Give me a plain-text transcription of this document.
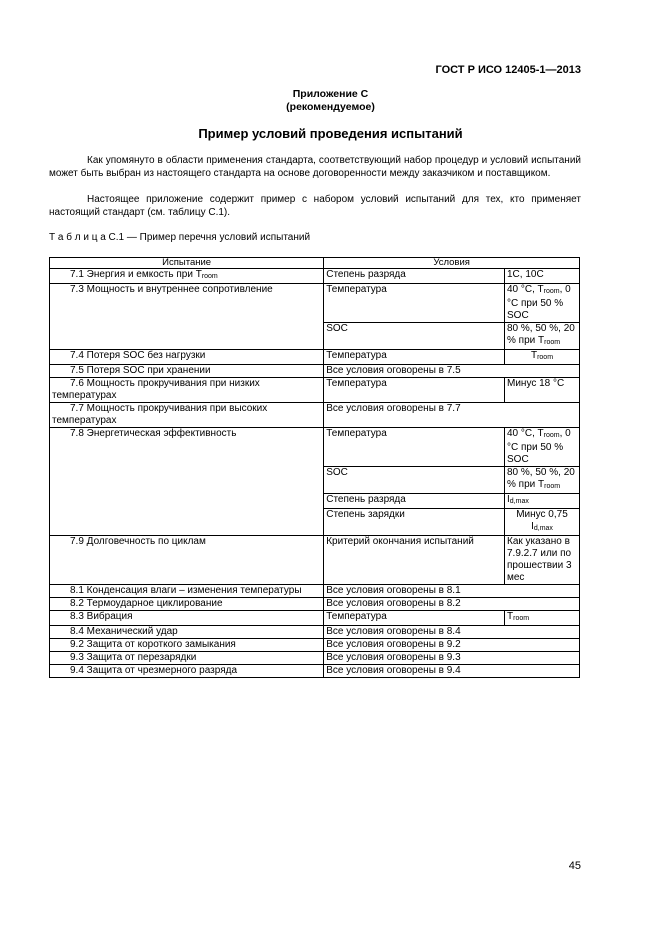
ГОСТ Р ИСО 12405-1—2013
Приложение С
(рекомендуемое)
Пример условий проведения испытаний
Как упомянуто в области применения стандарта, соответствующий набор процедур и условий испытаний может быть выбран из настоящего стандарта на основе договоренности между заказчиком и поставщиком.
Настоящее приложение содержит пример с набором условий испытаний для тех, кто применяет настоящий стандарт (см. таблицу С.1).
Т а б л и ц а С.1 — Пример перечня условий испытаний
Испытание	Условия	
7.1 Энергия и емкость при $T_{room}$	Степень разряда	1C, 10C
7.3 Мощность и внутреннее сопротивление	Температура	40 °C, $T_{room}$, 0 °C при 50 % SOC
	SOC	80 %, 50 %, 20 % при $T_{room}$
7.4 Потеря SOC без нагрузки	Температура	$T_{room}$
7.5 Потеря SOC при хранении	Все условия оговорены в 7.5	
7.6 Мощность прокручивания при низких температурах	Температура	Минус 18 °C
7.7 Мощность прокручивания при высоких температурах	Все условия оговорены в 7.7	
7.8 Энергетическая эффективность	Температура	40 °C, $T_{room}$, 0 °C при 50 % SOC
	SOC	80 %, 50 %, 20 % при $T_{room}$
	Степень разряда	$I_{d,max}$
	Степень зарядки	Минус 0,75 $I_{d,max}$
7.9 Долговечность по циклам	Критерий окончания испытаний	Как указано в 7.9.2.7 или по прошествии 3 мес
8.1 Конденсация влаги – изменения температуры	Все условия оговорены в 8.1	
8.2 Термоударное циклирование	Все условия оговорены в 8.2	
8.3 Вибрация	Температура	$T_{room}$
8.4 Механический удар	Все условия оговорены в 8.4	
9.2 Защита от короткого замыкания	Все условия оговорены в 9.2	
9.3 Защита от перезарядки	Все условия оговорены в 9.3	
9.4 Защита от чрезмерного разряда	Все условия оговорены в 9.4	
45
